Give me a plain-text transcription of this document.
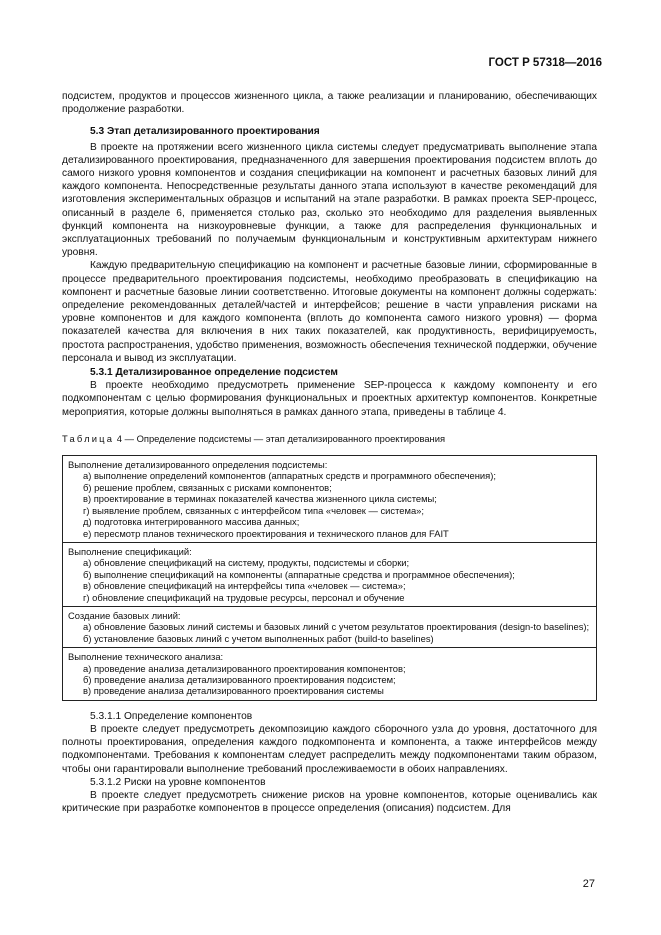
ГОСТ Р 57318—2016

подсистем, продуктов и процессов жизненного цикла, а также реализации и планированию, обеспечивающих продолжение разработки.

5.3 Этап детализированного проектирования

В проекте на протяжении всего жизненного цикла системы следует предусматривать выполнение этапа детализированного проектирования, предназначенного для завершения проектирования подсистем вплоть до самого низкого уровня компонентов и создания спецификации на компонент и расчетных базовых линий для каждого компонента. Непосредственные результаты данного этапа используют в качестве рекомендаций для изготовления экспериментальных образцов и испытаний на этапе разработки. В рамках проекта SEP-процесс, описанный в разделе 6, применяется столько раз, сколько это необходимо для разделения выявленных функций компонента на низкоуровневые функции, а также для распределения функциональных и эксплуатационных требований по получаемым функциональным и конструктивным архитектурам нижнего уровня.

Каждую предварительную спецификацию на компонент и расчетные базовые линии, сформированные в процессе предварительного проектирования подсистемы, необходимо преобразовать в спецификацию на компонент и расчетные базовые линии соответственно. Итоговые документы на компонент должны содержать: определение рекомендованных деталей/частей и интерфейсов; решение в части управления рисками на уровне компонентов и для каждого компонента (вплоть до компонента самого низкого уровня) — форма показателей качества для включения в них таких показателей, как продуктивность, верифицируемость, простота распространения, удобство применения, возможность обеспечения технической поддержки, обучение персонала и вывод из эксплуатации.

5.3.1 Детализированное определение подсистем

В проекте необходимо предусмотреть применение SEP-процесса к каждому компоненту и его подкомпонентам с целью формирования функциональных и проектных архитектур компонентов. Конкретные мероприятия, которые должны выполняться в рамках данного этапа, приведены в таблице 4.

Таблица 4 — Определение подсистемы — этап детализированного проектирования
Выполнение детализированного определения подсистемы:
а) выполнение определений компонентов (аппаратных средств и программного обеспечения);
б) решение проблем, связанных с рисками компонентов;
в) проектирование в терминах показателей качества жизненного цикла системы;
г) выявление проблем, связанных с интерфейсом типа «человек — система»;
д) подготовка интегрированного массива данных;
е) пересмотр планов технического проектирования и технического планов для FAIT

Выполнение спецификаций:
а) обновление спецификаций на систему, продукты, подсистемы и сборки;
б) выполнение спецификаций на компоненты (аппаратные средства и программное обеспечения);
в) обновление спецификаций на интерфейсы типа «человек — система»;
г) обновление спецификаций на трудовые ресурсы, персонал и обучение

Создание базовых линий:
а) обновление базовых линий системы и базовых линий с учетом результатов проектирования (design-to baselines);
б) установление базовых линий с учетом выполненных работ (build-to baselines)

Выполнение технического анализа:
а) проведение анализа детализированного проектирования компонентов;
б) проведение анализа детализированного проектирования подсистем;
в) проведение анализа детализированного проектирования системы

5.3.1.1 Определение компонентов

В проекте следует предусмотреть декомпозицию каждого сборочного узла до уровня, достаточного для полноты проектирования, определения каждого подкомпонента и компонента, а также интерфейсов между подкомпонентами. Требования к компонентам следует распределить между подкомпонентами таким образом, чтобы они гарантировали выполнение требований прослеживаемости в обоих направлениях.

5.3.1.2 Риски на уровне компонентов

В проекте следует предусмотреть снижение рисков на уровне компонентов, которые оценивались как критические при разработке компонентов в процессе определения (описания) подсистем. Для

27
